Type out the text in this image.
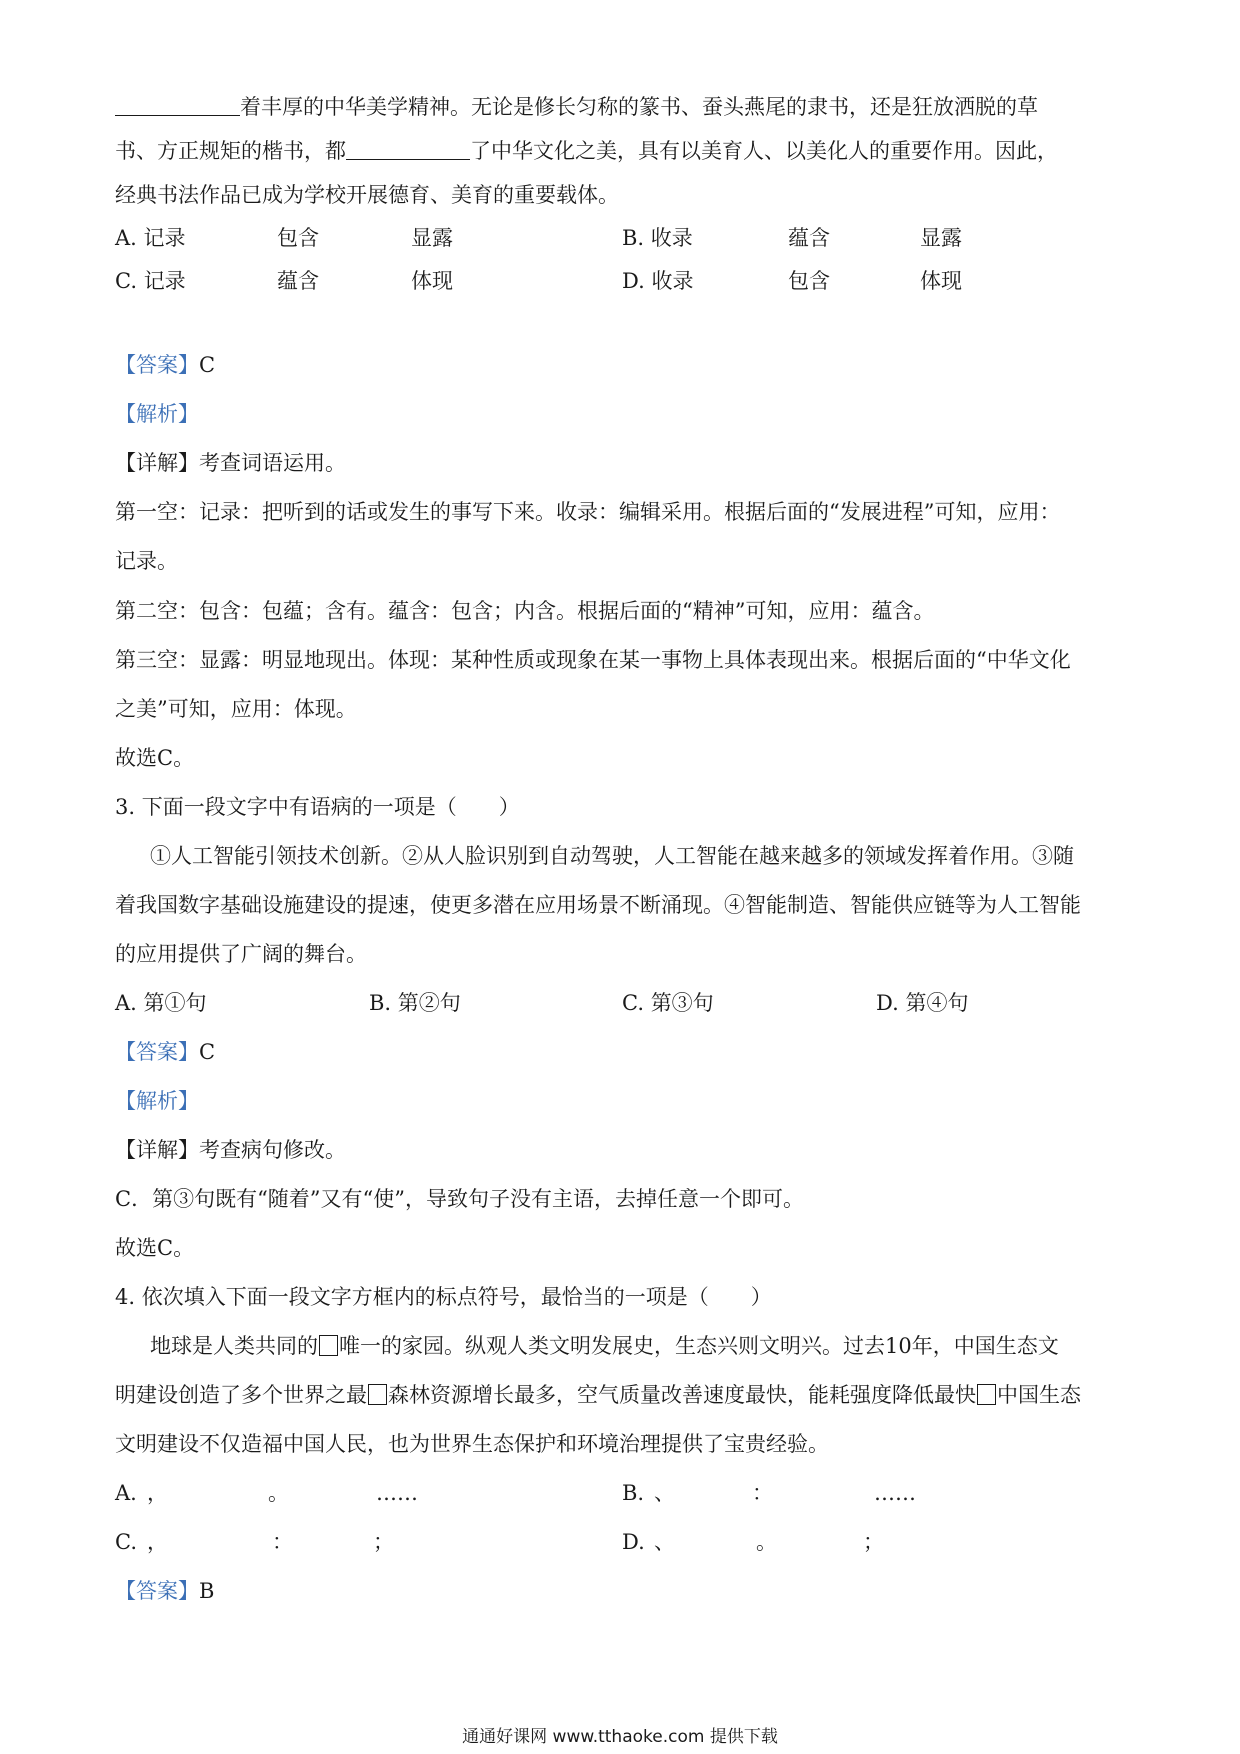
着丰厚的中华美学精神。无论是修长匀称的篆书、蚕头燕尾的隶书，还是狂放洒脱的草
书、方正规矩的楷书，都	了中华文化之美，具有以美育人、以美化人的重要作用。因此，
经典书法作品已成为学校开展德育、美育的重要载体。
A. 记录	包含	显露	B. 收录	蕴含	显露
C. 记录	蕴含	体现	D. 收录	包含	体现
【答案】C
【解析】
【详解】考查词语运用。
第一空：记录：把听到的话或发生的事写下来。收录：编辑采用。根据后面的“发展进程”可知，应用：
记录。
第二空：包含：包蕴；含有。蕴含：包含；内含。根据后面的“精神”可知，应用：蕴含。
第三空：显露：明显地现出。体现：某种性质或现象在某一事物上具体表现出来。根据后面的“中华文化
之美”可知，应用：体现。
故选C。
3. 下面一段文字中有语病的一项是（　　）
①人工智能引领技术创新。②从人脸识别到自动驾驶，人工智能在越来越多的领域发挥着作用。③随
着我国数字基础设施建设的提速，使更多潜在应用场景不断涌现。④智能制造、智能供应链等为人工智能
的应用提供了广阔的舞台。
A. 第①句	B. 第②句	C. 第③句	D. 第④句
【答案】C
【解析】
【详解】考查病句修改。
C．第③句既有“随着”又有“使”，导致句子没有主语，去掉任意一个即可。
故选C。
4. 依次填入下面一段文字方框内的标点符号，最恰当的一项是（　　）
地球是人类共同的 唯一的家园。纵观人类文明发展史，生态兴则文明兴。过去10年，中国生态文
明建设创造了多个世界之最 森林资源增长最多，空气质量改善速度最快，能耗强度降低最快 中国生态
文明建设不仅造福中国人民，也为世界生态保护和环境治理提供了宝贵经验。
A. ，	。	……	B. 、	：	……
C. ，	：	；	D. 、	。	；
【答案】B
通通好课网 www.tthaoke.com 提供下载
